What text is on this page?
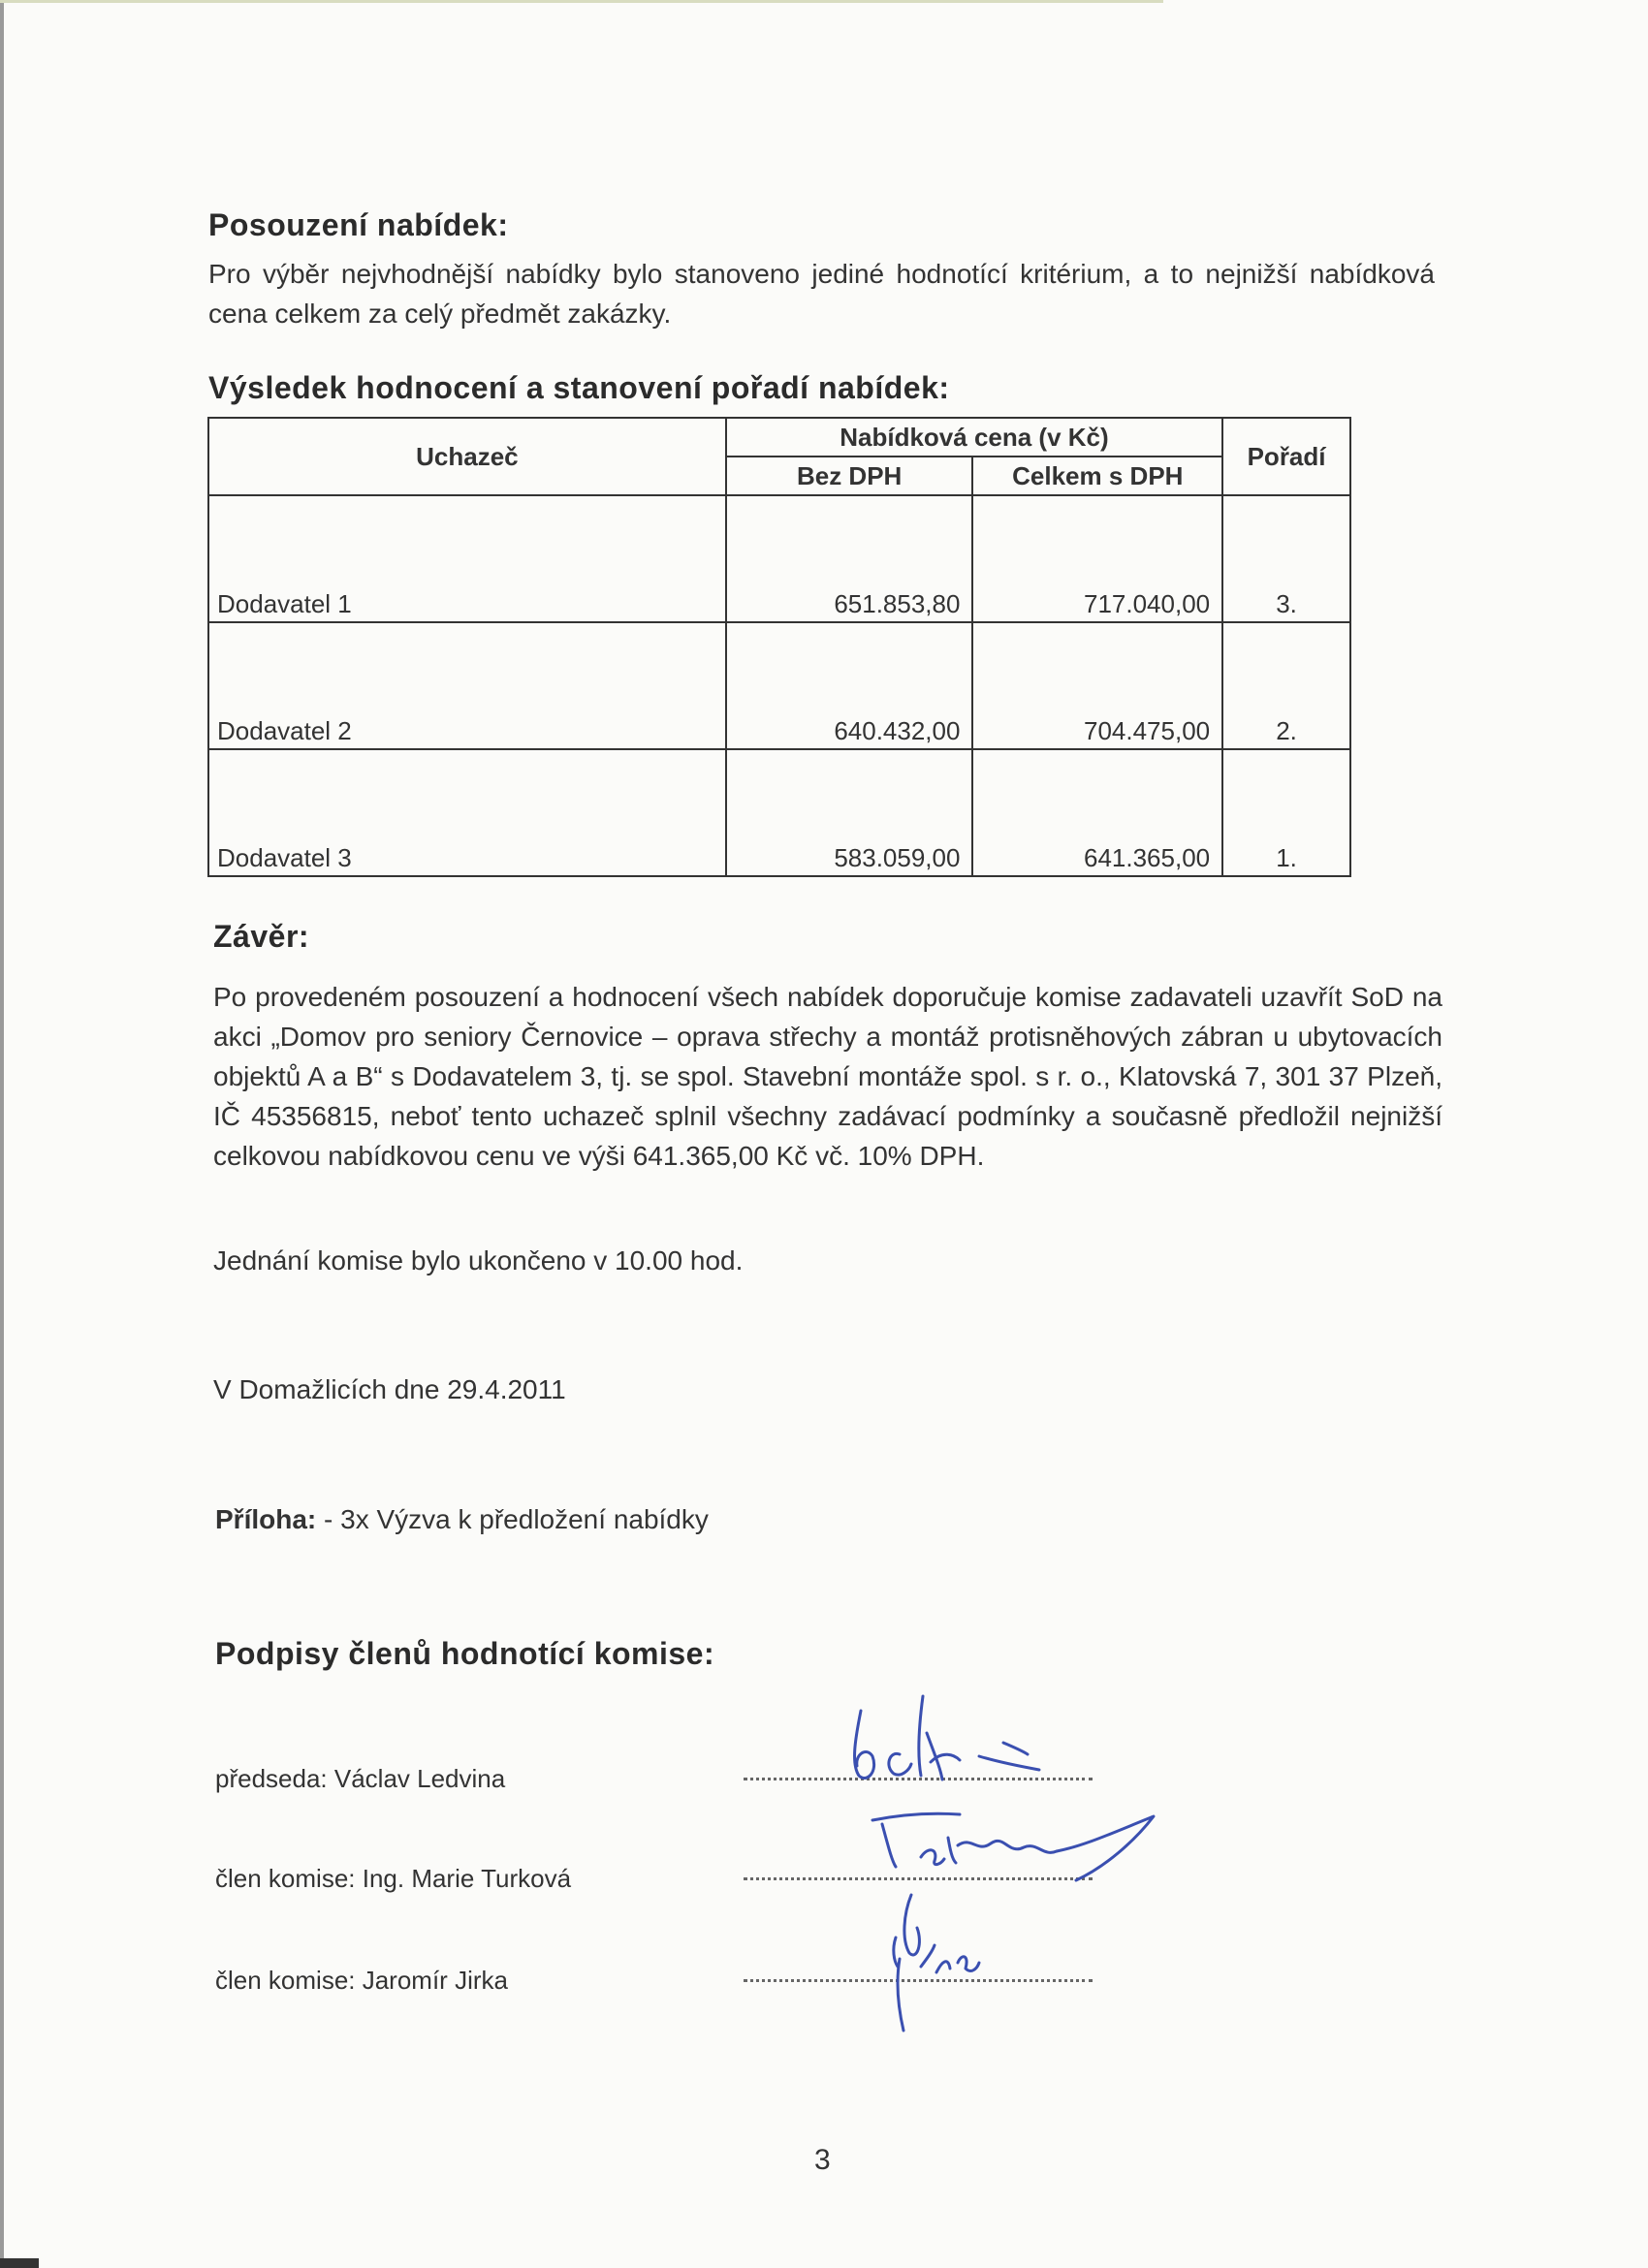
Posouzení nabídek:
Pro výběr nejvhodnější nabídky bylo stanoveno jediné hodnotící kritérium, a to nejnižší nabídková cena celkem za celý předmět zakázky.
Výsledek hodnocení a stanovení pořadí nabídek:
Uchazeč	Nabídková cena (v Kč)		Pořadí
	Bez DPH	Celkem s DPH	
Dodavatel 1	651.853,80	717.040,00	3.
Dodavatel 2	640.432,00	704.475,00	2.
Dodavatel 3	583.059,00	641.365,00	1.
Závěr:
Po provedeném posouzení a hodnocení všech nabídek doporučuje komise zadavateli uzavřít SoD na akci „Domov pro seniory Černovice – oprava střechy a montáž protisněhových zábran u ubytovacích objektů A a B“ s Dodavatelem 3, tj. se spol. Stavební montáže spol. s r. o., Klatovská 7, 301 37 Plzeň, IČ 45356815, neboť tento uchazeč splnil všechny zadávací podmínky a současně předložil nejnižší celkovou nabídkovou cenu ve výši 641.365,00 Kč vč. 10% DPH.
Jednání komise bylo ukončeno v 10.00 hod.
V Domažlicích dne 29.4.2011
Příloha: - 3x Výzva k předložení nabídky
Podpisy členů hodnotící komise:
předseda: Václav Ledvina
člen komise: Ing. Marie Turková
člen komise: Jaromír Jirka
3
